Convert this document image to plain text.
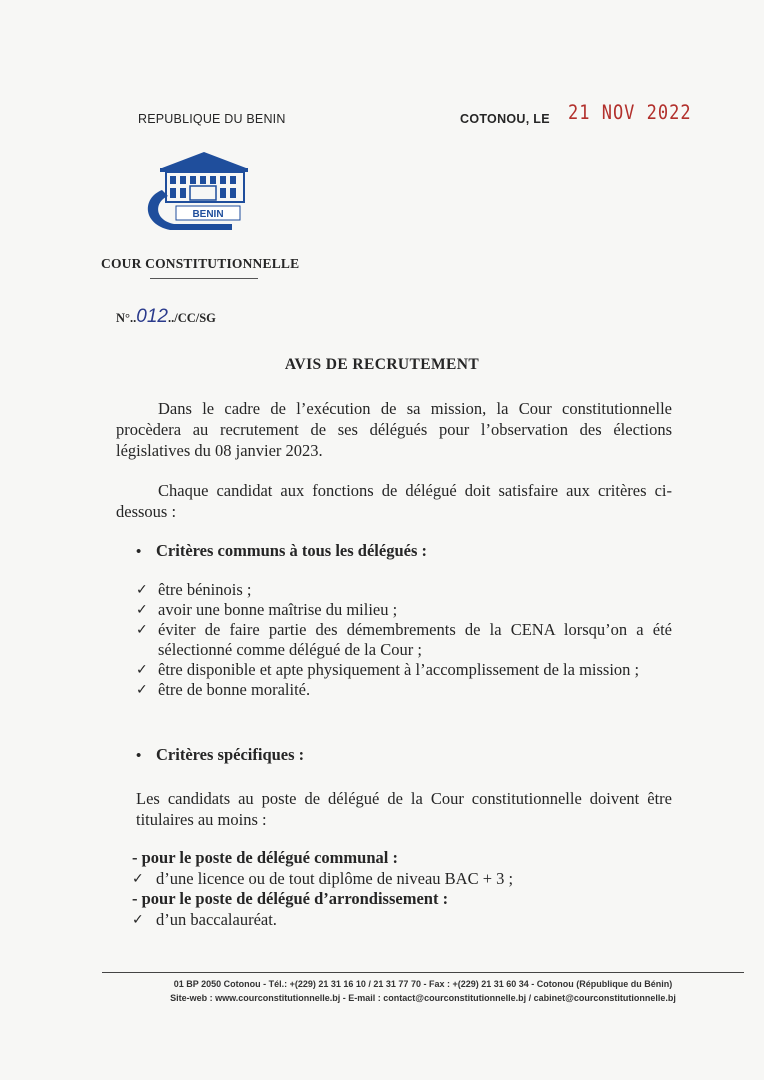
REPUBLIQUE DU BENIN	COTONOU, LE 21 NOV 2022
BENIN
COUR CONSTITUTIONNELLE
N°..012../CC/SG
AVIS DE RECRUTEMENT
Dans le cadre de l’exécution de sa mission, la Cour constitutionnelle procèdera au recrutement de ses délégués pour l’observation des élections législatives du 08 janvier 2023.
Chaque candidat aux fonctions de délégué doit satisfaire aux critères ci-dessous :
• Critères communs à tous les délégués :
✓ être béninois ;
✓ avoir une bonne maîtrise du milieu ;
✓ éviter de faire partie des démembrements de la CENA lorsqu’on a été sélectionné comme délégué de la Cour ;
✓ être disponible et apte physiquement à l’accomplissement de la mission ;
✓ être de bonne moralité.
• Critères spécifiques :
Les candidats au poste de délégué de la Cour constitutionnelle doivent être titulaires au moins :
- pour le poste de délégué communal :
✓ d’une licence ou de tout diplôme de niveau BAC + 3 ;
- pour le poste de délégué d’arrondissement :
✓ d’un baccalauréat.
01 BP 2050 Cotonou - Tél.: +(229) 21 31 16 10 / 21 31 77 70 - Fax : +(229) 21 31 60 34 - Cotonou (République du Bénin)
Site-web : www.courconstitutionnelle.bj - E-mail : contact@courconstitutionnelle.bj / cabinet@courconstitutionnelle.bj
